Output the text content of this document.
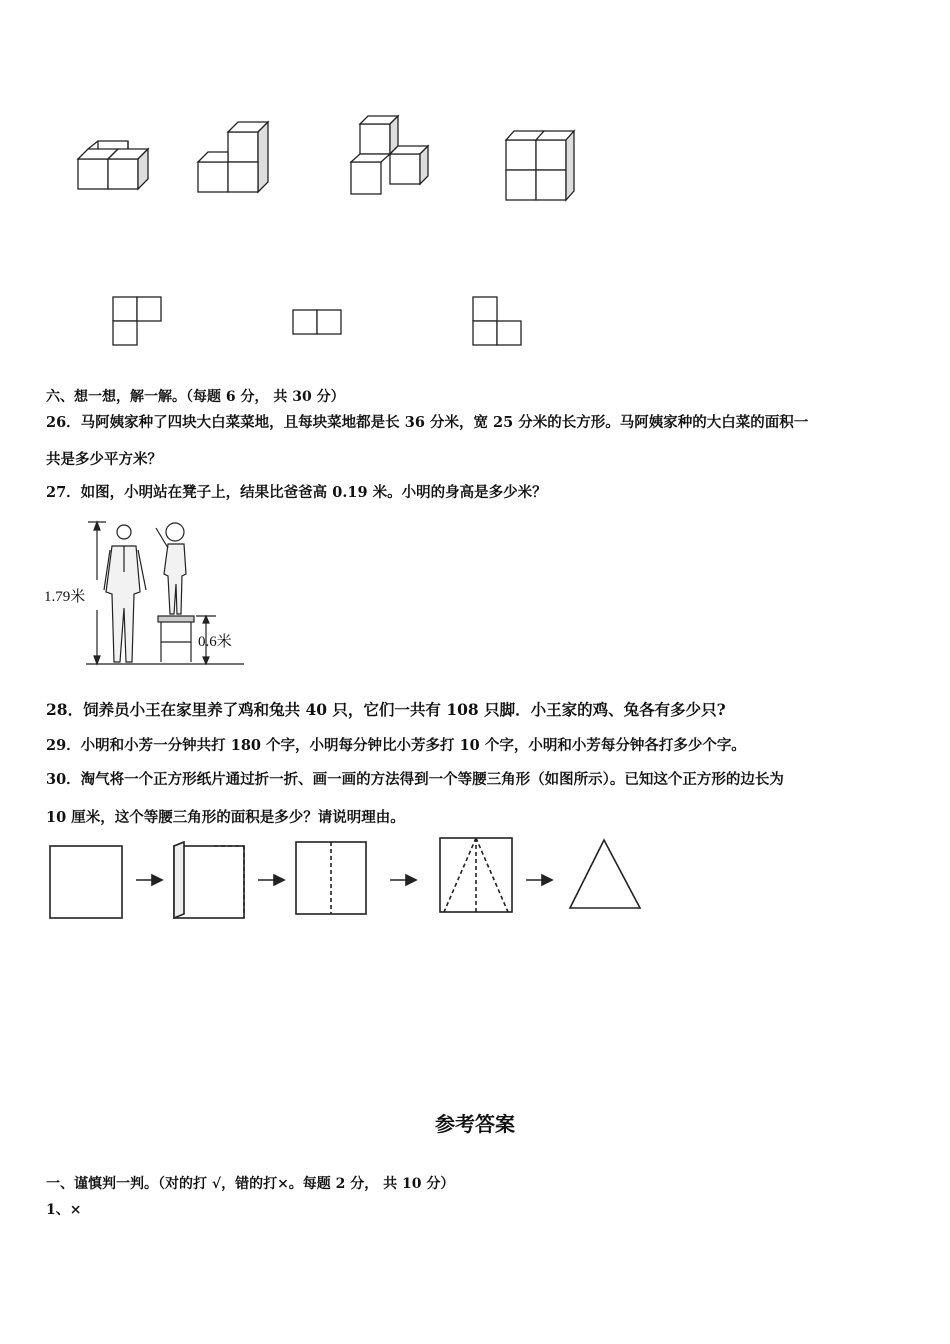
六、想一想，解一解。（每题 6 分， 共 30 分）
26．马阿姨家种了四块大白菜菜地，且每块菜地都是长 36 分米，宽 25 分米的长方形。马阿姨家种的大白菜的面积一
共是多少平方米？
27．如图，小明站在凳子上，结果比爸爸高 0.19 米。小明的身高是多少米？
1.79米
0.6米
28．饲养员小王在家里养了鸡和兔共 40 只，它们一共有 108 只脚．小王家的鸡、兔各有多少只?
29．小明和小芳一分钟共打 180 个字，小明每分钟比小芳多打 10 个字，小明和小芳每分钟各打多少个字。
30．淘气将一个正方形纸片通过折一折、画一画的方法得到一个等腰三角形（如图所示）。已知这个正方形的边长为
10 厘米，这个等腰三角形的面积是多少？请说明理由。
参考答案
一、谨慎判一判。（对的打 √，错的打×。每题 2 分， 共 10 分）
1、×
